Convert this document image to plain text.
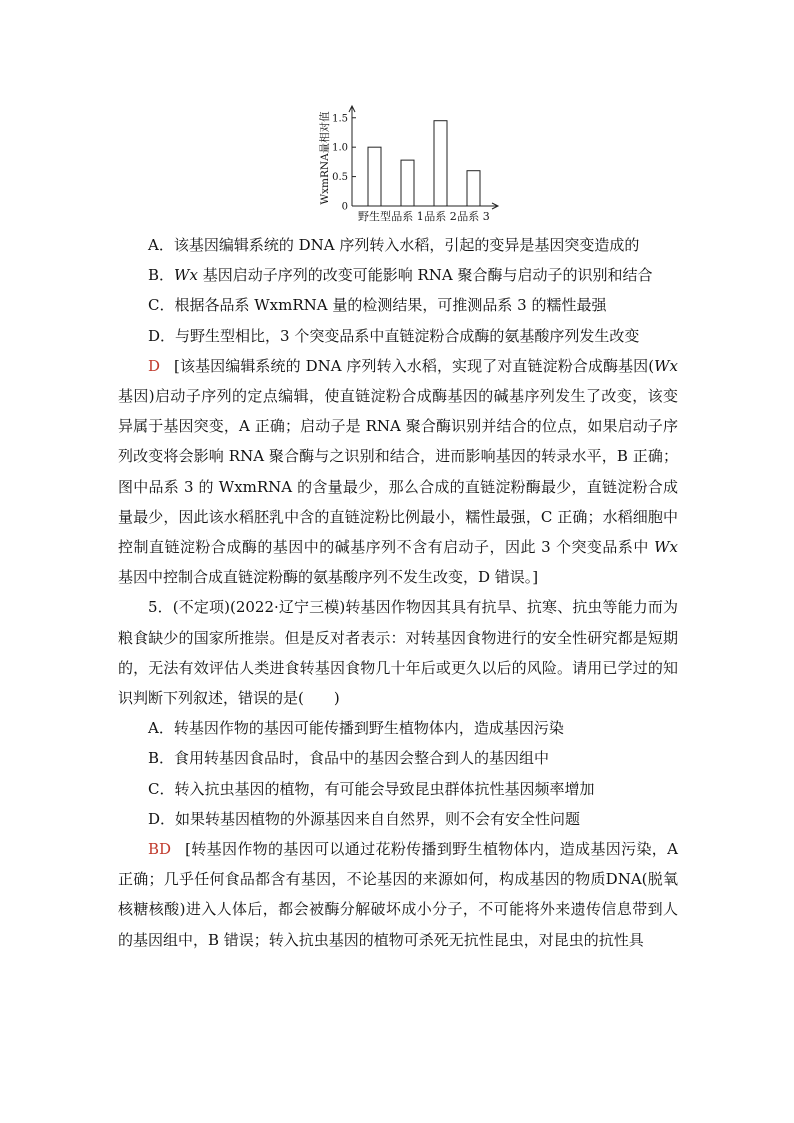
0
0.5
1.0
1.5
WxmRNA量相对值
野生型 品系 1 品系 2 品系 3

A．该基因编辑系统的 DNA 序列转入水稻，引起的变异是基因突变造成的

B．Wx 基因启动子序列的改变可能影响 RNA 聚合酶与启动子的识别和结合

C．根据各品系 WxmRNA 量的检测结果，可推测品系 3 的糯性最强

D．与野生型相比，3 个突变品系中直链淀粉合成酶的氨基酸序列发生改变

D [该基因编辑系统的 DNA 序列转入水稻，实现了对直链淀粉合成酶基因(Wx基因)启动子序列的定点编辑，使直链淀粉合成酶基因的碱基序列发生了改变，该变异属于基因突变，A 正确；启动子是 RNA 聚合酶识别并结合的位点，如果启动子序列改变将会影响 RNA 聚合酶与之识别和结合，进而影响基因的转录水平，B 正确；图中品系 3 的 WxmRNA 的含量最少，那么合成的直链淀粉酶最少，直链淀粉合成量最少，因此该水稻胚乳中含的直链淀粉比例最小，糯性最强，C 正确；水稻细胞中控制直链淀粉合成酶的基因中的碱基序列不含有启动子，因此 3 个突变品系中 Wx 基因中控制合成直链淀粉酶的氨基酸序列不发生改变，D 错误。]

5．(不定项)(2022·辽宁三模)转基因作物因其具有抗旱、抗寒、抗虫等能力而为粮食缺少的国家所推崇。但是反对者表示：对转基因食物进行的安全性研究都是短期的，无法有效评估人类进食转基因食物几十年后或更久以后的风险。请用已学过的知识判断下列叙述，错误的是(　　)

A．转基因作物的基因可能传播到野生植物体内，造成基因污染

B．食用转基因食品时，食品中的基因会整合到人的基因组中

C．转入抗虫基因的植物，有可能会导致昆虫群体抗性基因频率增加

D．如果转基因植物的外源基因来自自然界，则不会有安全性问题

BD [转基因作物的基因可以通过花粉传播到野生植物体内，造成基因污染，A 正确；几乎任何食品都含有基因，不论基因的来源如何，构成基因的物质DNA(脱氧核糖核酸)进入人体后，都会被酶分解破坏成小分子，不可能将外来遗传信息带到人的基因组中，B 错误；转入抗虫基因的植物可杀死无抗性昆虫，对昆虫的抗性具
